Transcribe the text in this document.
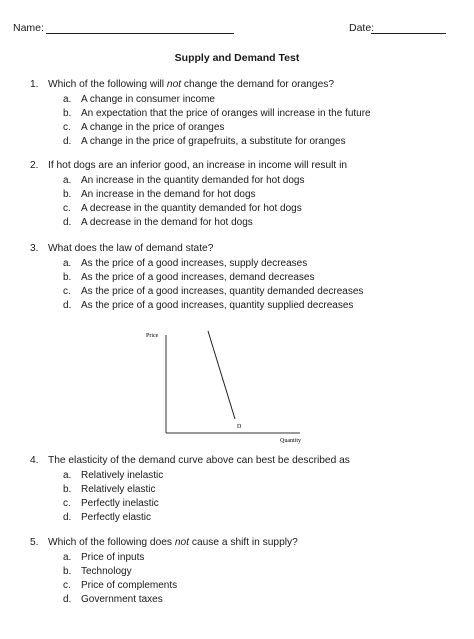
Name:	Date:
Supply and Demand Test
1. Which of the following will not change the demand for oranges?
a. A change in consumer income
b. An expectation that the price of oranges will increase in the future
c. A change in the price of oranges
d. A change in the price of grapefruits, a substitute for oranges
2. If hot dogs are an inferior good, an increase in income will result in
a. An increase in the quantity demanded for hot dogs
b. An increase in the demand for hot dogs
c. A decrease in the quantity demanded for hot dogs
d. A decrease in the demand for hot dogs
3. What does the law of demand state?
a. As the price of a good increases, supply decreases
b. As the price of a good increases, demand decreases
c. As the price of a good increases, quantity demanded decreases
d. As the price of a good increases, quantity supplied decreases
Price
Quantity
D
4. The elasticity of the demand curve above can best be described as
a. Relatively inelastic
b. Relatively elastic
c. Perfectly inelastic
d. Perfectly elastic
5. Which of the following does not cause a shift in supply?
a. Price of inputs
b. Technology
c. Price of complements
d. Government taxes
